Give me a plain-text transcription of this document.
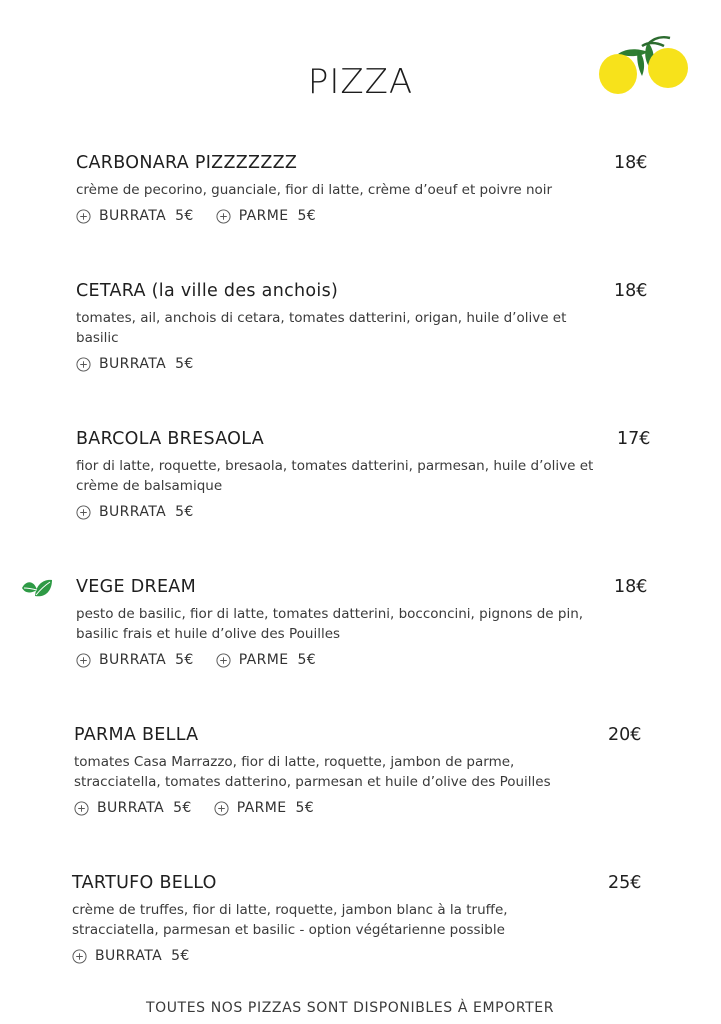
PIZZA
CARBONARA PIZZZZZZZ	18€
crème de pecorino, guanciale, fior di latte, crème d’oeuf et poivre noir
BURRATA 5€	PARME 5€
CETARA (la ville des anchois)	18€
tomates, ail, anchois di cetara, tomates datterini, origan, huile d’olive et basilic
BURRATA 5€
BARCOLA BRESAOLA	17€
fior di latte, roquette, bresaola, tomates datterini, parmesan, huile d’olive et crème de balsamique
BURRATA 5€
VEGE DREAM	18€
pesto de basilic, fior di latte, tomates datterini, bocconcini, pignons de pin, basilic frais et huile d’olive des Pouilles
BURRATA 5€	PARME 5€
PARMA BELLA	20€
tomates Casa Marrazzo, fior di latte, roquette, jambon de parme, stracciatella, tomates datterino, parmesan et huile d’olive des Pouilles
BURRATA 5€	PARME 5€
TARTUFO BELLO	25€
crème de truffes, fior di latte, roquette, jambon blanc à la truffe, stracciatella, parmesan et basilic - option végétarienne possible
BURRATA 5€
TOUTES NOS PIZZAS SONT DISPONIBLES À EMPORTER
